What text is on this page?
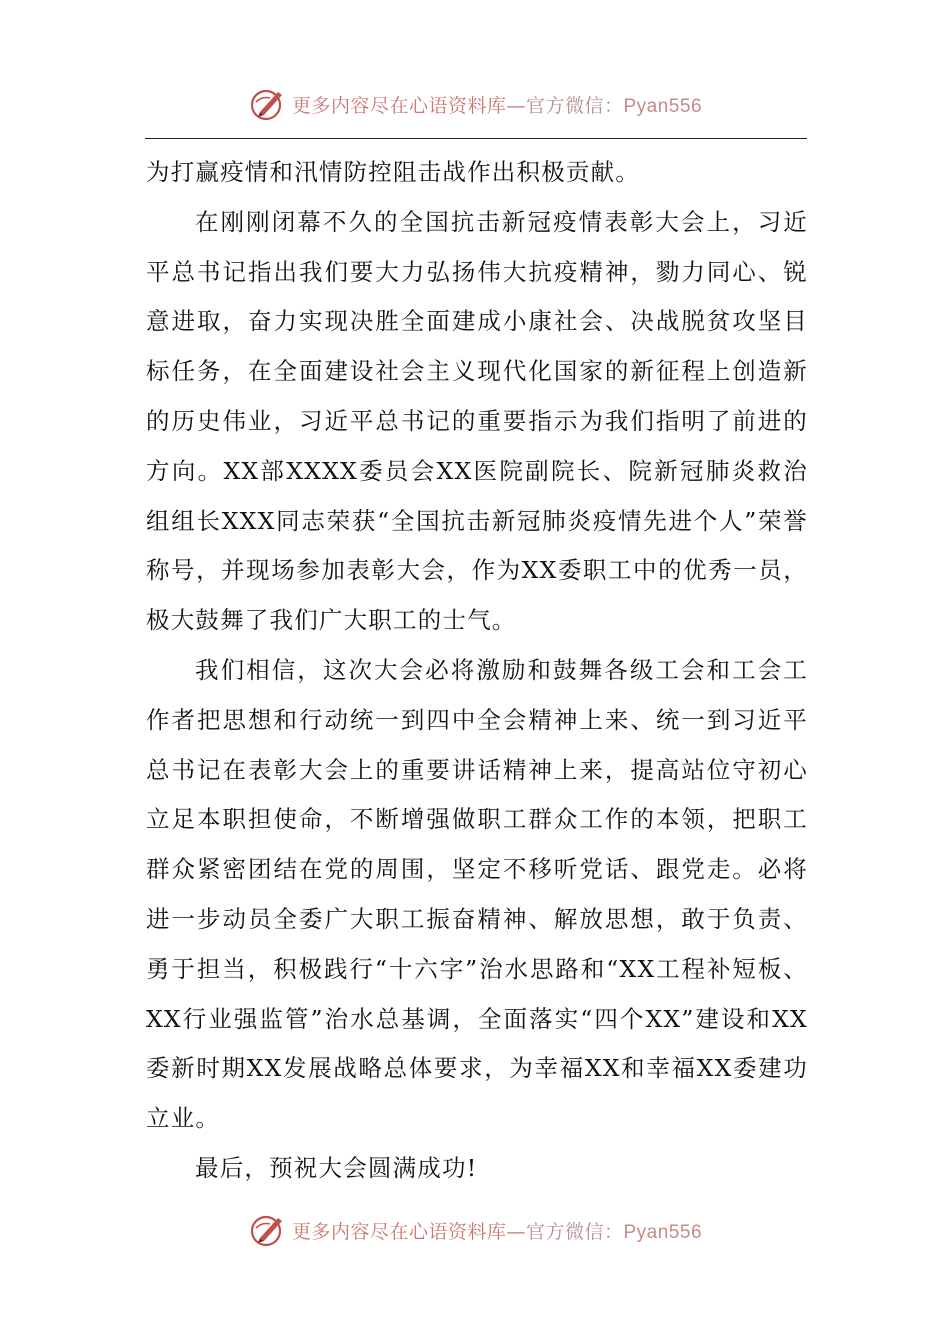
更多内容尽在心语资料库—官方微信：Pyan556

为打赢疫情和汛情防控阻击战作出积极贡献。

在刚刚闭幕不久的全国抗击新冠疫情表彰大会上，习近平总书记指出我们要大力弘扬伟大抗疫精神，勠力同心、锐意进取，奋力实现决胜全面建成小康社会、决战脱贫攻坚目标任务，在全面建设社会主义现代化国家的新征程上创造新的历史伟业，习近平总书记的重要指示为我们指明了前进的方向。XX部XXXX委员会XX医院副院长、院新冠肺炎救治组组长XXX同志荣获“全国抗击新冠肺炎疫情先进个人”荣誉称号，并现场参加表彰大会，作为XX委职工中的优秀一员，极大鼓舞了我们广大职工的士气。

我们相信，这次大会必将激励和鼓舞各级工会和工会工作者把思想和行动统一到四中全会精神上来、统一到习近平总书记在表彰大会上的重要讲话精神上来，提高站位守初心立足本职担使命，不断增强做职工群众工作的本领，把职工群众紧密团结在党的周围，坚定不移听党话、跟党走。必将进一步动员全委广大职工振奋精神、解放思想，敢于负责、勇于担当，积极践行“十六字”治水思路和“XX工程补短板、XX行业强监管”治水总基调，全面落实“四个XX”建设和XX委新时期XX发展战略总体要求，为幸福XX和幸福XX委建功立业。

最后，预祝大会圆满成功!

更多内容尽在心语资料库—官方微信：Pyan556
